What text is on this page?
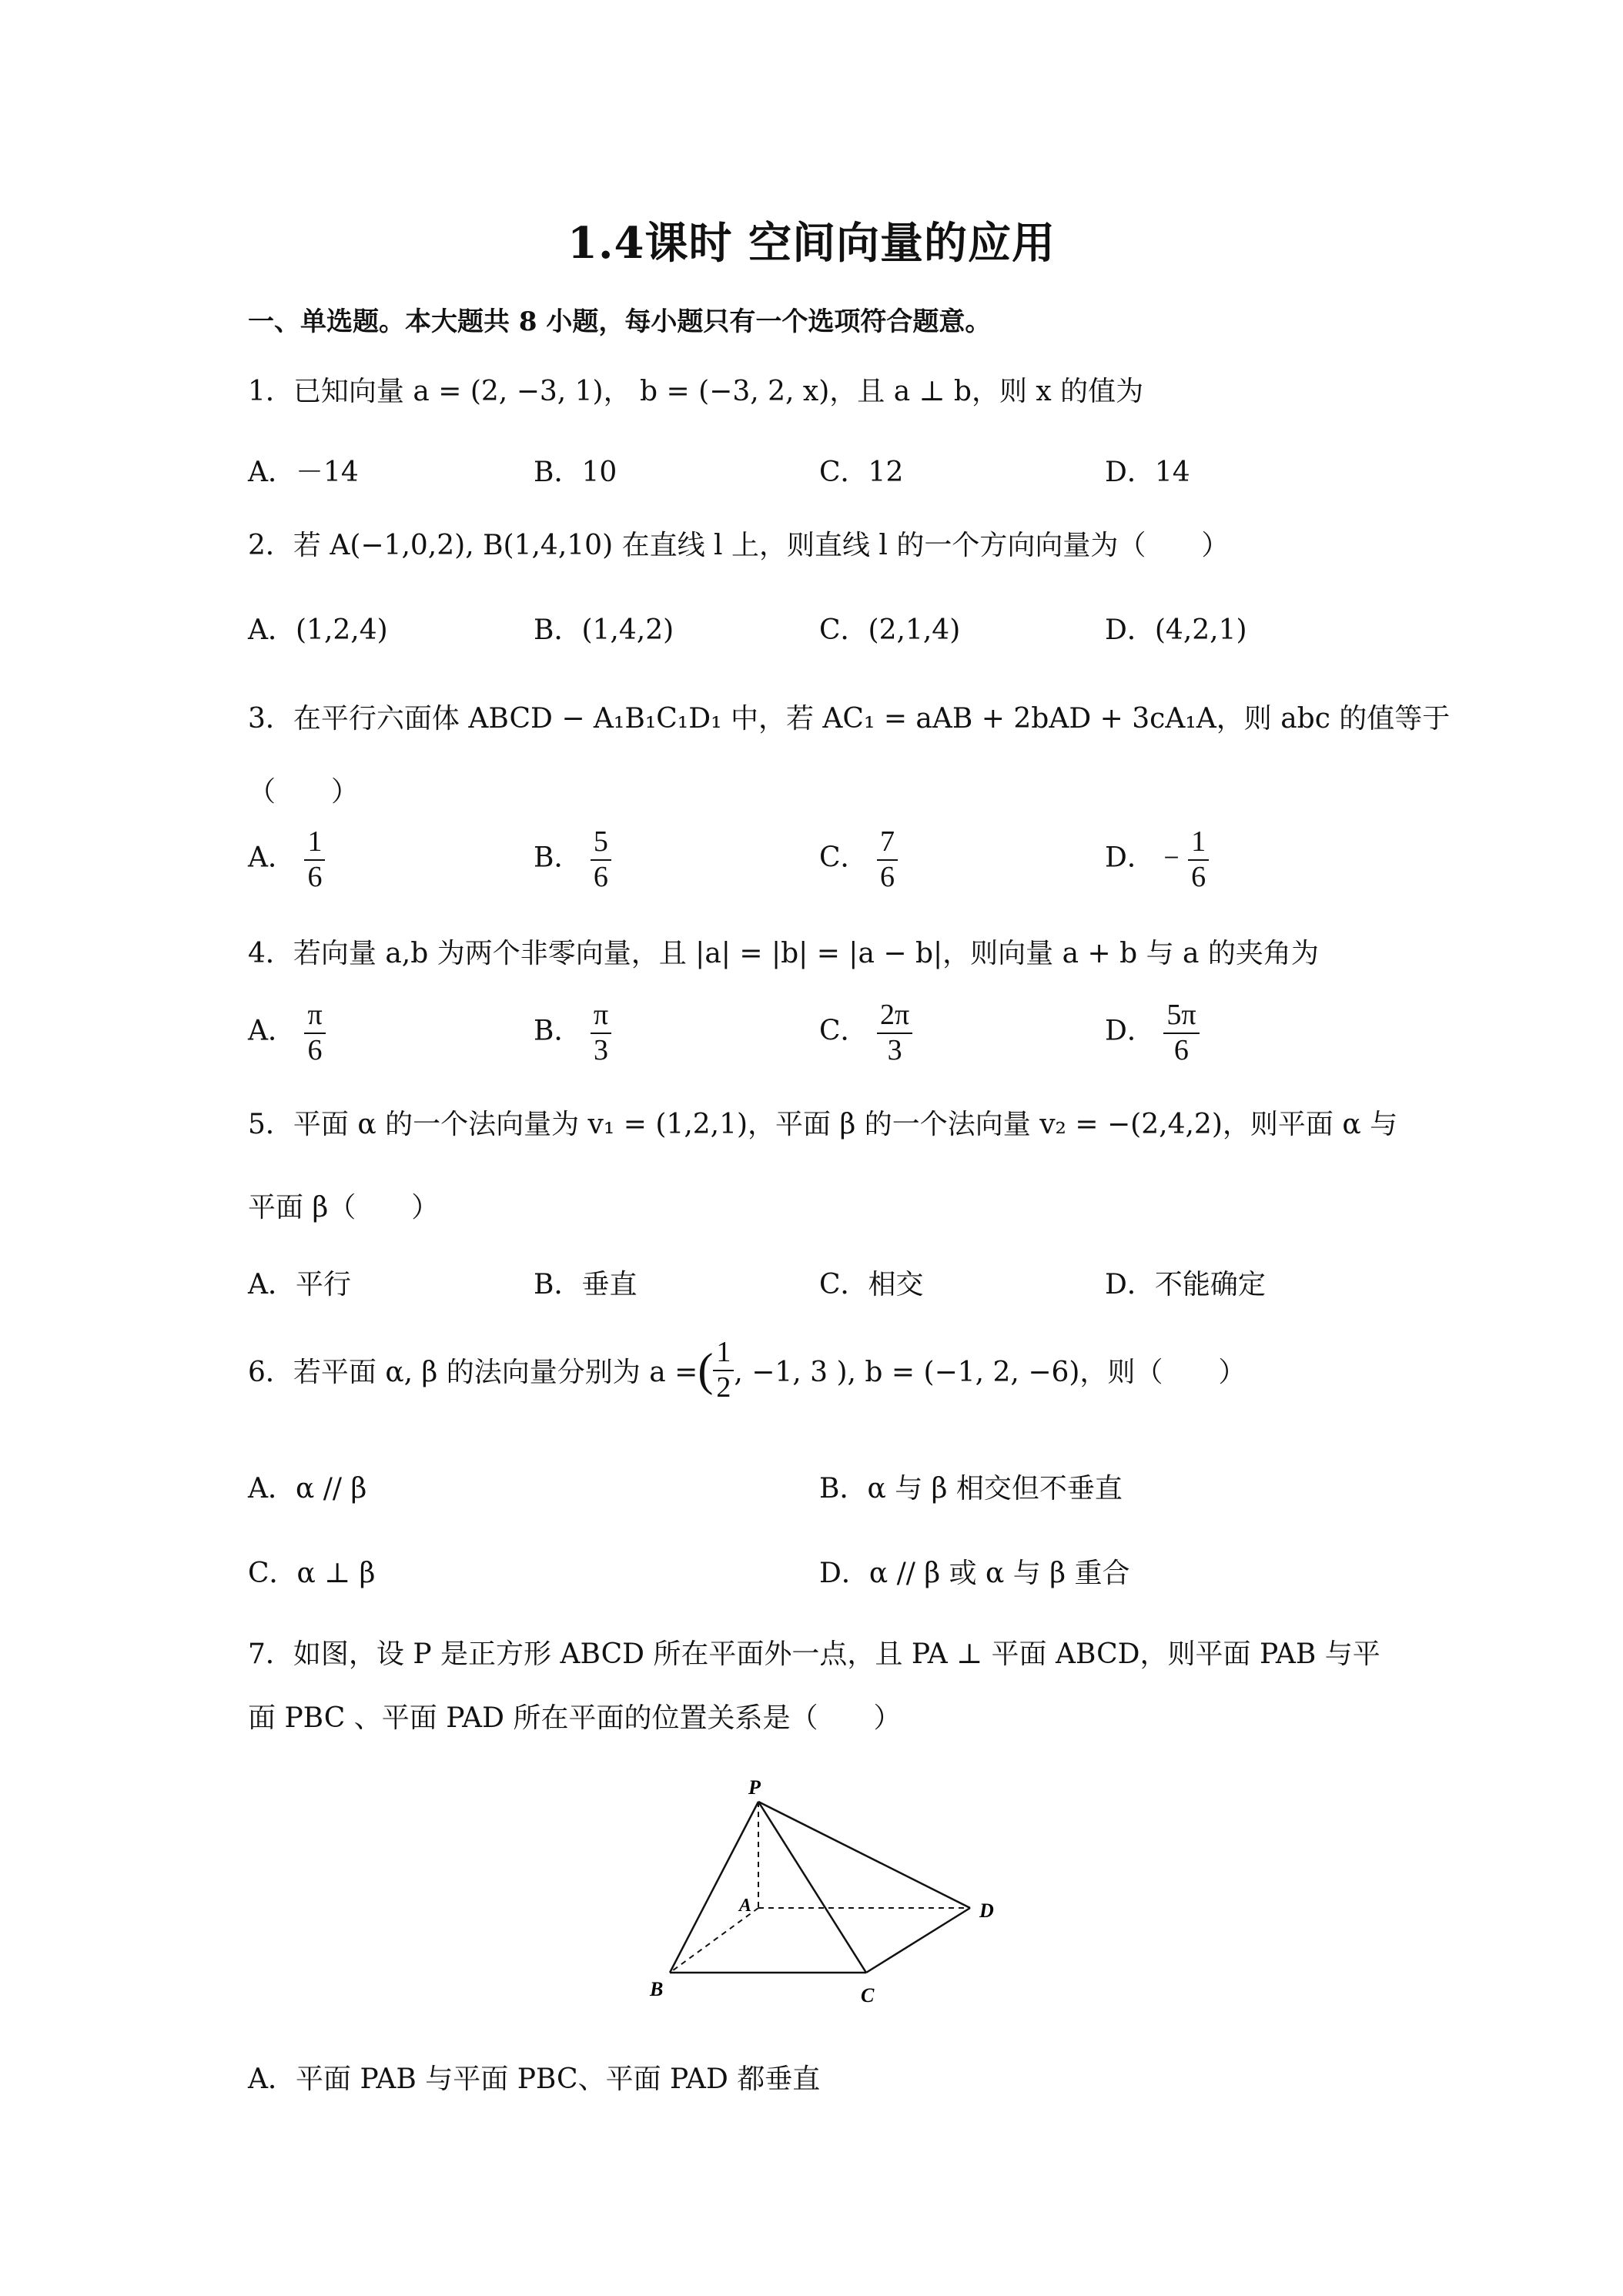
1.4课时 空间向量的应用
一、单选题。本大题共 8 小题，每小题只有一个选项符合题意。
1．已知向量 a = (2, −3, 1)， b = (−3, 2, x)，且 a ⊥ b，则 x 的值为
A．－14	B．10	C．12	D．14
2．若 A(−1,0,2), B(1,4,10) 在直线 l 上，则直线 l 的一个方向向量为（　　）
A．(1,2,4)	B．(1,4,2)	C．(2,1,4)	D．(4,2,1)
3．在平行六面体 ABCD − A₁B₁C₁D₁ 中，若 AC₁ = aAB + 2bAD + 3cA₁A，则 abc 的值等于
（　　）
A． $\frac{1}{6}$	B． $\frac{5}{6}$	C． $\frac{7}{6}$	D． − $\frac{1}{6}$
4．若向量 a,b 为两个非零向量，且 |a| = |b| = |a − b|，则向量 a + b 与 a 的夹角为
A． $\frac{\pi}{6}$	B． $\frac{\pi}{3}$	C． $\frac{2\pi}{3}$	D． $\frac{5\pi}{6}$
5．平面 α 的一个法向量为 v₁ = (1,2,1)，平面 β 的一个法向量 v₂ = −(2,4,2)，则平面 α 与
平面 β（　　）
A．平行	B．垂直	C．相交	D．不能确定
6．若平面 α, β 的法向量分别为 a = ( $\frac{1}{2}$ , −1, 3 ), b = (−1, 2, −6)，则（　　）
A．α // β	B．α 与 β 相交但不垂直
C．α ⊥ β	D．α // β 或 α 与 β 重合
7．如图，设 P 是正方形 ABCD 所在平面外一点，且 PA ⊥ 平面 ABCD，则平面 PAB 与平
面 PBC 、平面 PAD 所在平面的位置关系是（　　）
P
A
B	C
D
A．平面 PAB 与平面 PBC、平面 PAD 都垂直
